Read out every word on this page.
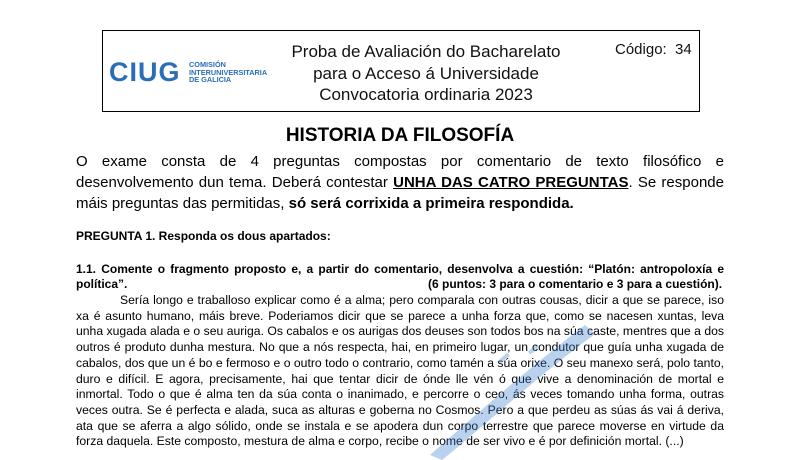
CIUG COMISIÓN
INTERUNIVERSITARIA
DE GALICIA
Proba de Avaliación do Bacharelato
para o Acceso á Universidade
Convocatoria ordinaria 2023
Código: 34
HISTORIA DA FILOSOFÍA

O exame consta de 4 preguntas compostas por comentario de texto filosófico e desenvolvemento dun tema. Deberá contestar UNHA DAS CATRO PREGUNTAS. Se responde máis preguntas das permitidas, só será corrixida a primeira respondida.

PREGUNTA 1. Responda os dous apartados:

1.1. Comente o fragmento proposto e, a partir do comentario, desenvolva a cuestión: “Platón: antropoloxía e política”.	(6 puntos: 3 para o comentario e 3 para a cuestión).

Sería longo e traballoso explicar como é a alma; pero comparala con outras cousas, dicir a que se parece, iso xa é asunto humano, máis breve. Poderiamos dicir que se parece a unha forza que, como se nacesen xuntas, leva unha xugada alada e o seu auriga. Os cabalos e os aurigas dos deuses son todos bos na súa caste, mentres que a dos outros é produto dunha mestura. No que a nós respecta, hai, en primeiro lugar, un condutor que guía unha xugada de cabalos, dos que un é bo e fermoso e o outro todo o contrario, como tamén a súa orixe. O seu manexo será, polo tanto, duro e difícil. E agora, precisamente, hai que tentar dicir de ónde lle vén ó que vive a denominación de mortal e inmortal. Todo o que é alma ten da súa conta o inanimado, e percorre o ceo, ás veces tomando unha forma, outras veces outra. Se é perfecta e alada, suca as alturas e goberna no Cosmos. Pero a que perdeu as súas ás vai á deriva, ata que se aferra a algo sólido, onde se instala e se apodera dun corpo terrestre que parece moverse en virtude da forza daquela. Este composto, mestura de alma e corpo, recibe o nome de ser vivo e é por definición mortal. (...)
